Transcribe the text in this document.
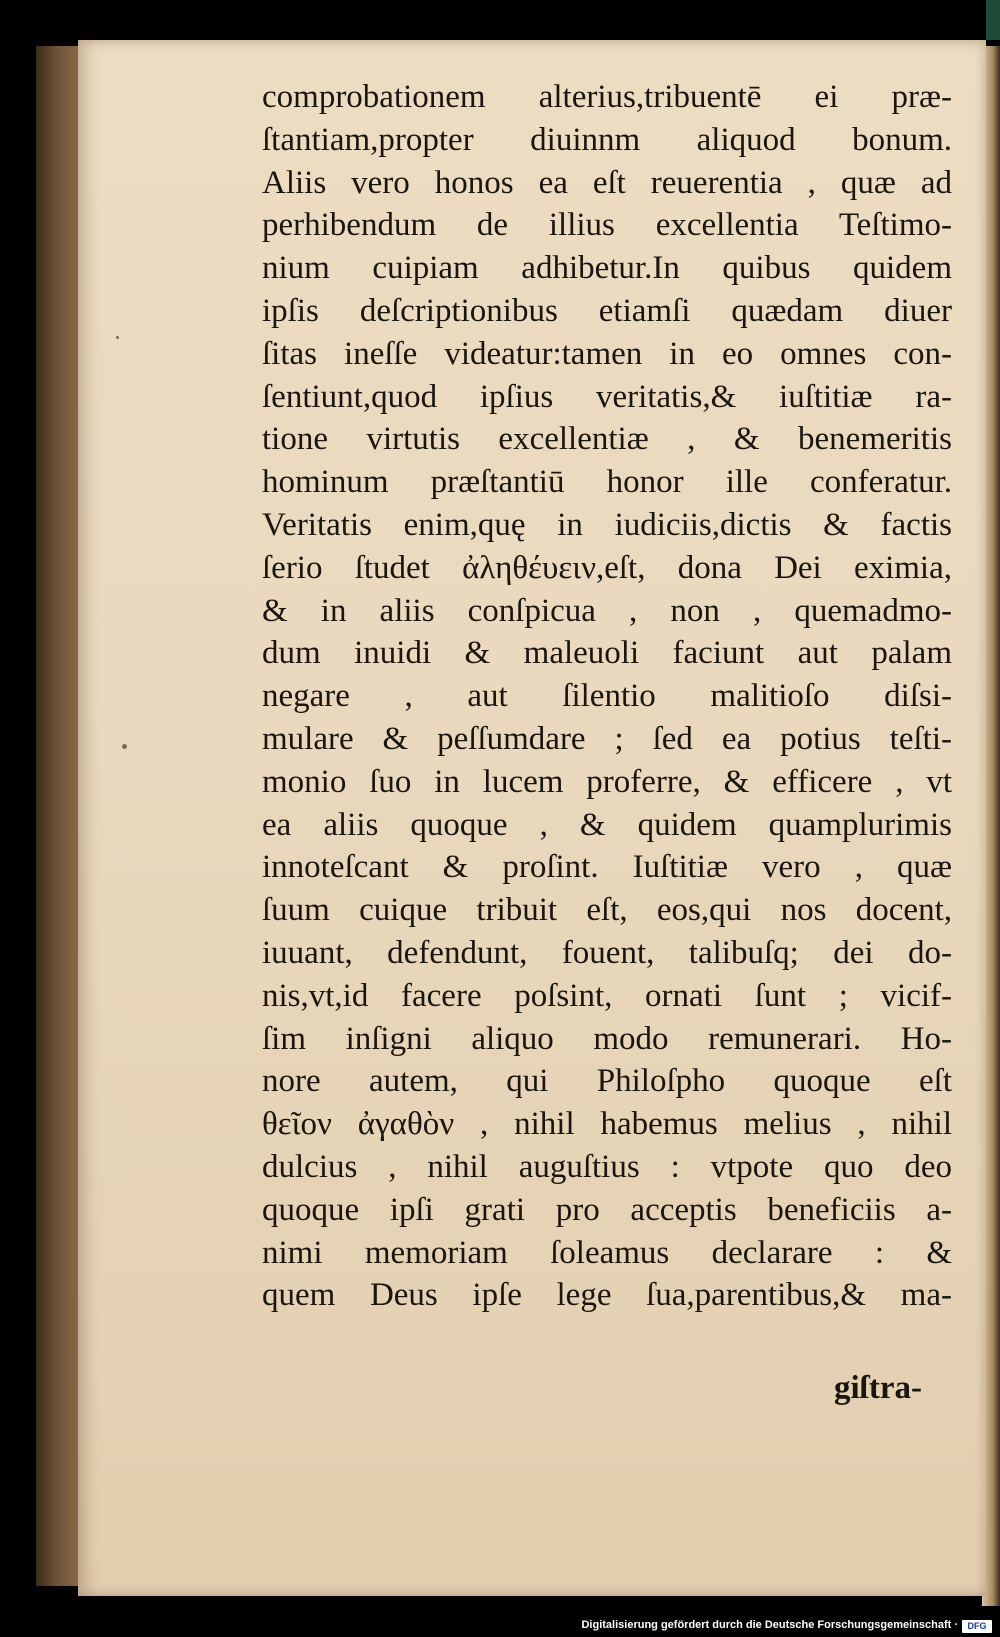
comprobationem alterius,tribuentē ei præ-
ſtantiam,propter diuinnm aliquod bonum.
Aliis vero honos ea eſt reuerentia , quæ ad
perhibendum de illius excellentia Teſtimo-
nium cuipiam adhibetur.In quibus quidem
ipſis deſcriptionibus etiamſi quædam diuer
ſitas ineſſe videatur:tamen in eo omnes con-
ſentiunt,quod ipſius veritatis,& iuſtitiæ ra-
tione virtutis excellentiæ , & benemeritis
hominum præſtantiū honor ille conferatur.
Veritatis enim,quę in iudiciis,dictis & factis
ſerio ſtudet ἀληθέυειν,eſt, dona Dei eximia,
& in aliis conſpicua , non , quemadmo-
dum inuidi & maleuoli faciunt aut palam
negare , aut ſilentio malitioſo diſsi-
mulare & peſſumdare ; ſed ea potius teſti-
monio ſuo in lucem proferre, & efficere , vt
ea aliis quoque , & quidem quamplurimis
innoteſcant & proſint. Iuſtitiæ vero , quæ
ſuum cuique tribuit eſt, eos,qui nos docent,
iuuant, defendunt, fouent, talibuſq; dei do-
nis,vt,id facere poſsint, ornati ſunt ; vicif-
ſim inſigni aliquo modo remunerari. Ho-
nore autem, qui Philoſpho quoque eſt
θεῖον ἀγαθὸν , nihil habemus melius , nihil
dulcius , nihil auguſtius : vtpote quo deo
quoque ipſi grati pro acceptis beneficiis a-
nimi memoriam ſoleamus declarare : &
quem Deus ipſe lege ſua,parentibus,& ma-
giſtra-
Digitalisierung gefördert durch die Deutsche Forschungsgemeinschaft ·	DFG
